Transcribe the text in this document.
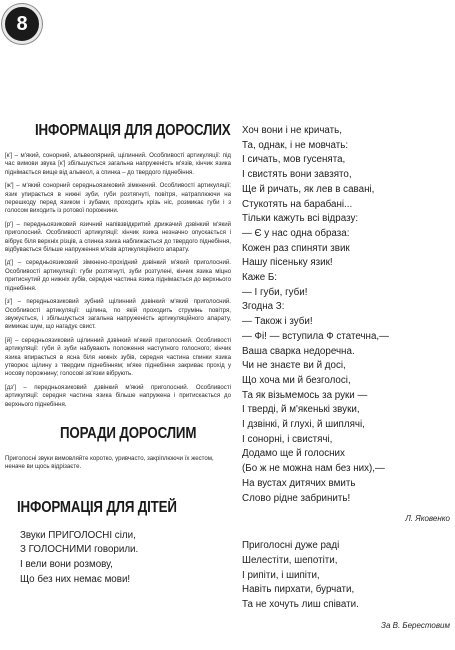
8
ІНФОРМАЦІЯ ДЛЯ ДОРОСЛИХ

[к'] – м'який, сонорний, альвеолярний, щілинний. Особливості артикуляції: під час вимови звука [к'] збільшується загальна напруженість м'язів, кінчик язика піднімається вище від альвеол, а спинка – до твердого піднебіння.

[ж'] – м'який сонорний середньоязиковий зімкнений. Особливості артикуляції: язик упирається в нижні зуби, губи розтягнуті, повітря, натраплюючи на перешкоду перед язиком і зубами, проходить крізь ніс, розмикає губи і з голосом виходить із ротової порожнини.

[р'] – передньоязиковий язичний напівзвідкритий дрижачий дзвінкий м'який приголосний. Особливості артикуляції: кінчик язика незначно опускається і вібрує біля верхніх різців, а спинка язика наближається до твердого піднебіння, відбувається більше напруження м'язів артикуляційного апарату.

[д'] – середньоязиковий зімкнено-прохідний дзвінкий м'який приголосний. Особливості артикуляції: губи розтягнуті, зуби розтулені, кінчик язика міцно притиснутий до нижніх зубів, середня частина язика піднімається до верхнього піднебіння.

[з'] – передньоязиковий зубний щілинний дзвінкий м'який приголосний. Особливості артикуляції: щілина, по якій проходить струмінь повітря, звужується, і збільшується загальна напруженість артикуляційного апарату, вимикає шум, що нагадує свист.

[й] – середньоязиковий щілинний дзвінкий м'який приголосний. Особливості артикуляції: губи й зуби набувають положення наступного голосного; кінчик язика впирається в ясна біля нижніх зубів, середня частина спинки язика утворює щілину з твердим піднебінням; м'яке піднебіння закриває прохід у носову порожнину; голосові зв'язки вібрують.

[дз'] – передньоязиковий дзвінкий м'який приголосний. Особливості артикуляції: середня частина язика більше напружена і притискається до верхнього піднебіння.

ПОРАДИ ДОРОСЛИМ

Приголосні звуки вимовляйте коротко, уривчасто, закріплюючи їх жестом, неначе ви щось відрізаєте.

ІНФОРМАЦІЯ ДЛЯ ДІТЕЙ
Звуки ПРИГОЛОСНІ сіли,
З ГОЛОСНИМИ говорили.
І вели вони розмову,
Що без них немає мови!
Хоч вони і не кричать,
Та, однак, і не мовчать:
І сичать, мов гусенята,
І свистять вони завзято,
Ще й ричать, як лев в савані,
Стукотять на барабані...
Тільки кажуть всі відразу:
— Є у нас одна образа:
Кожен раз спиняти звик
Нашу пісеньку язик!
Каже Б:
— І губи, губи!
Згодна З:
— Також і зуби!
— Фі! — вступила Ф статечна,—
Ваша сварка недоречна.
Чи не знаєте ви й досі,
Що хоча ми й безголосі,
Та як візьмемось за руки —
І тверді, й м'якенькі звуки,
І дзвінкі, й глухі, й шиплячі,
І сонорні, і свистячі,
Додамо ще й голосних
(Бо ж не можна нам без них),—
На вустах дитячих вмить
Слово рідне забринить!
Л. Яковенко
Приголосні дуже раді
Шелестіти, шепотіти,
І рипіти, і шипіти,
Навіть пирхати, бурчати,
Та не хочуть лиш співати.
За В. Берестовим
